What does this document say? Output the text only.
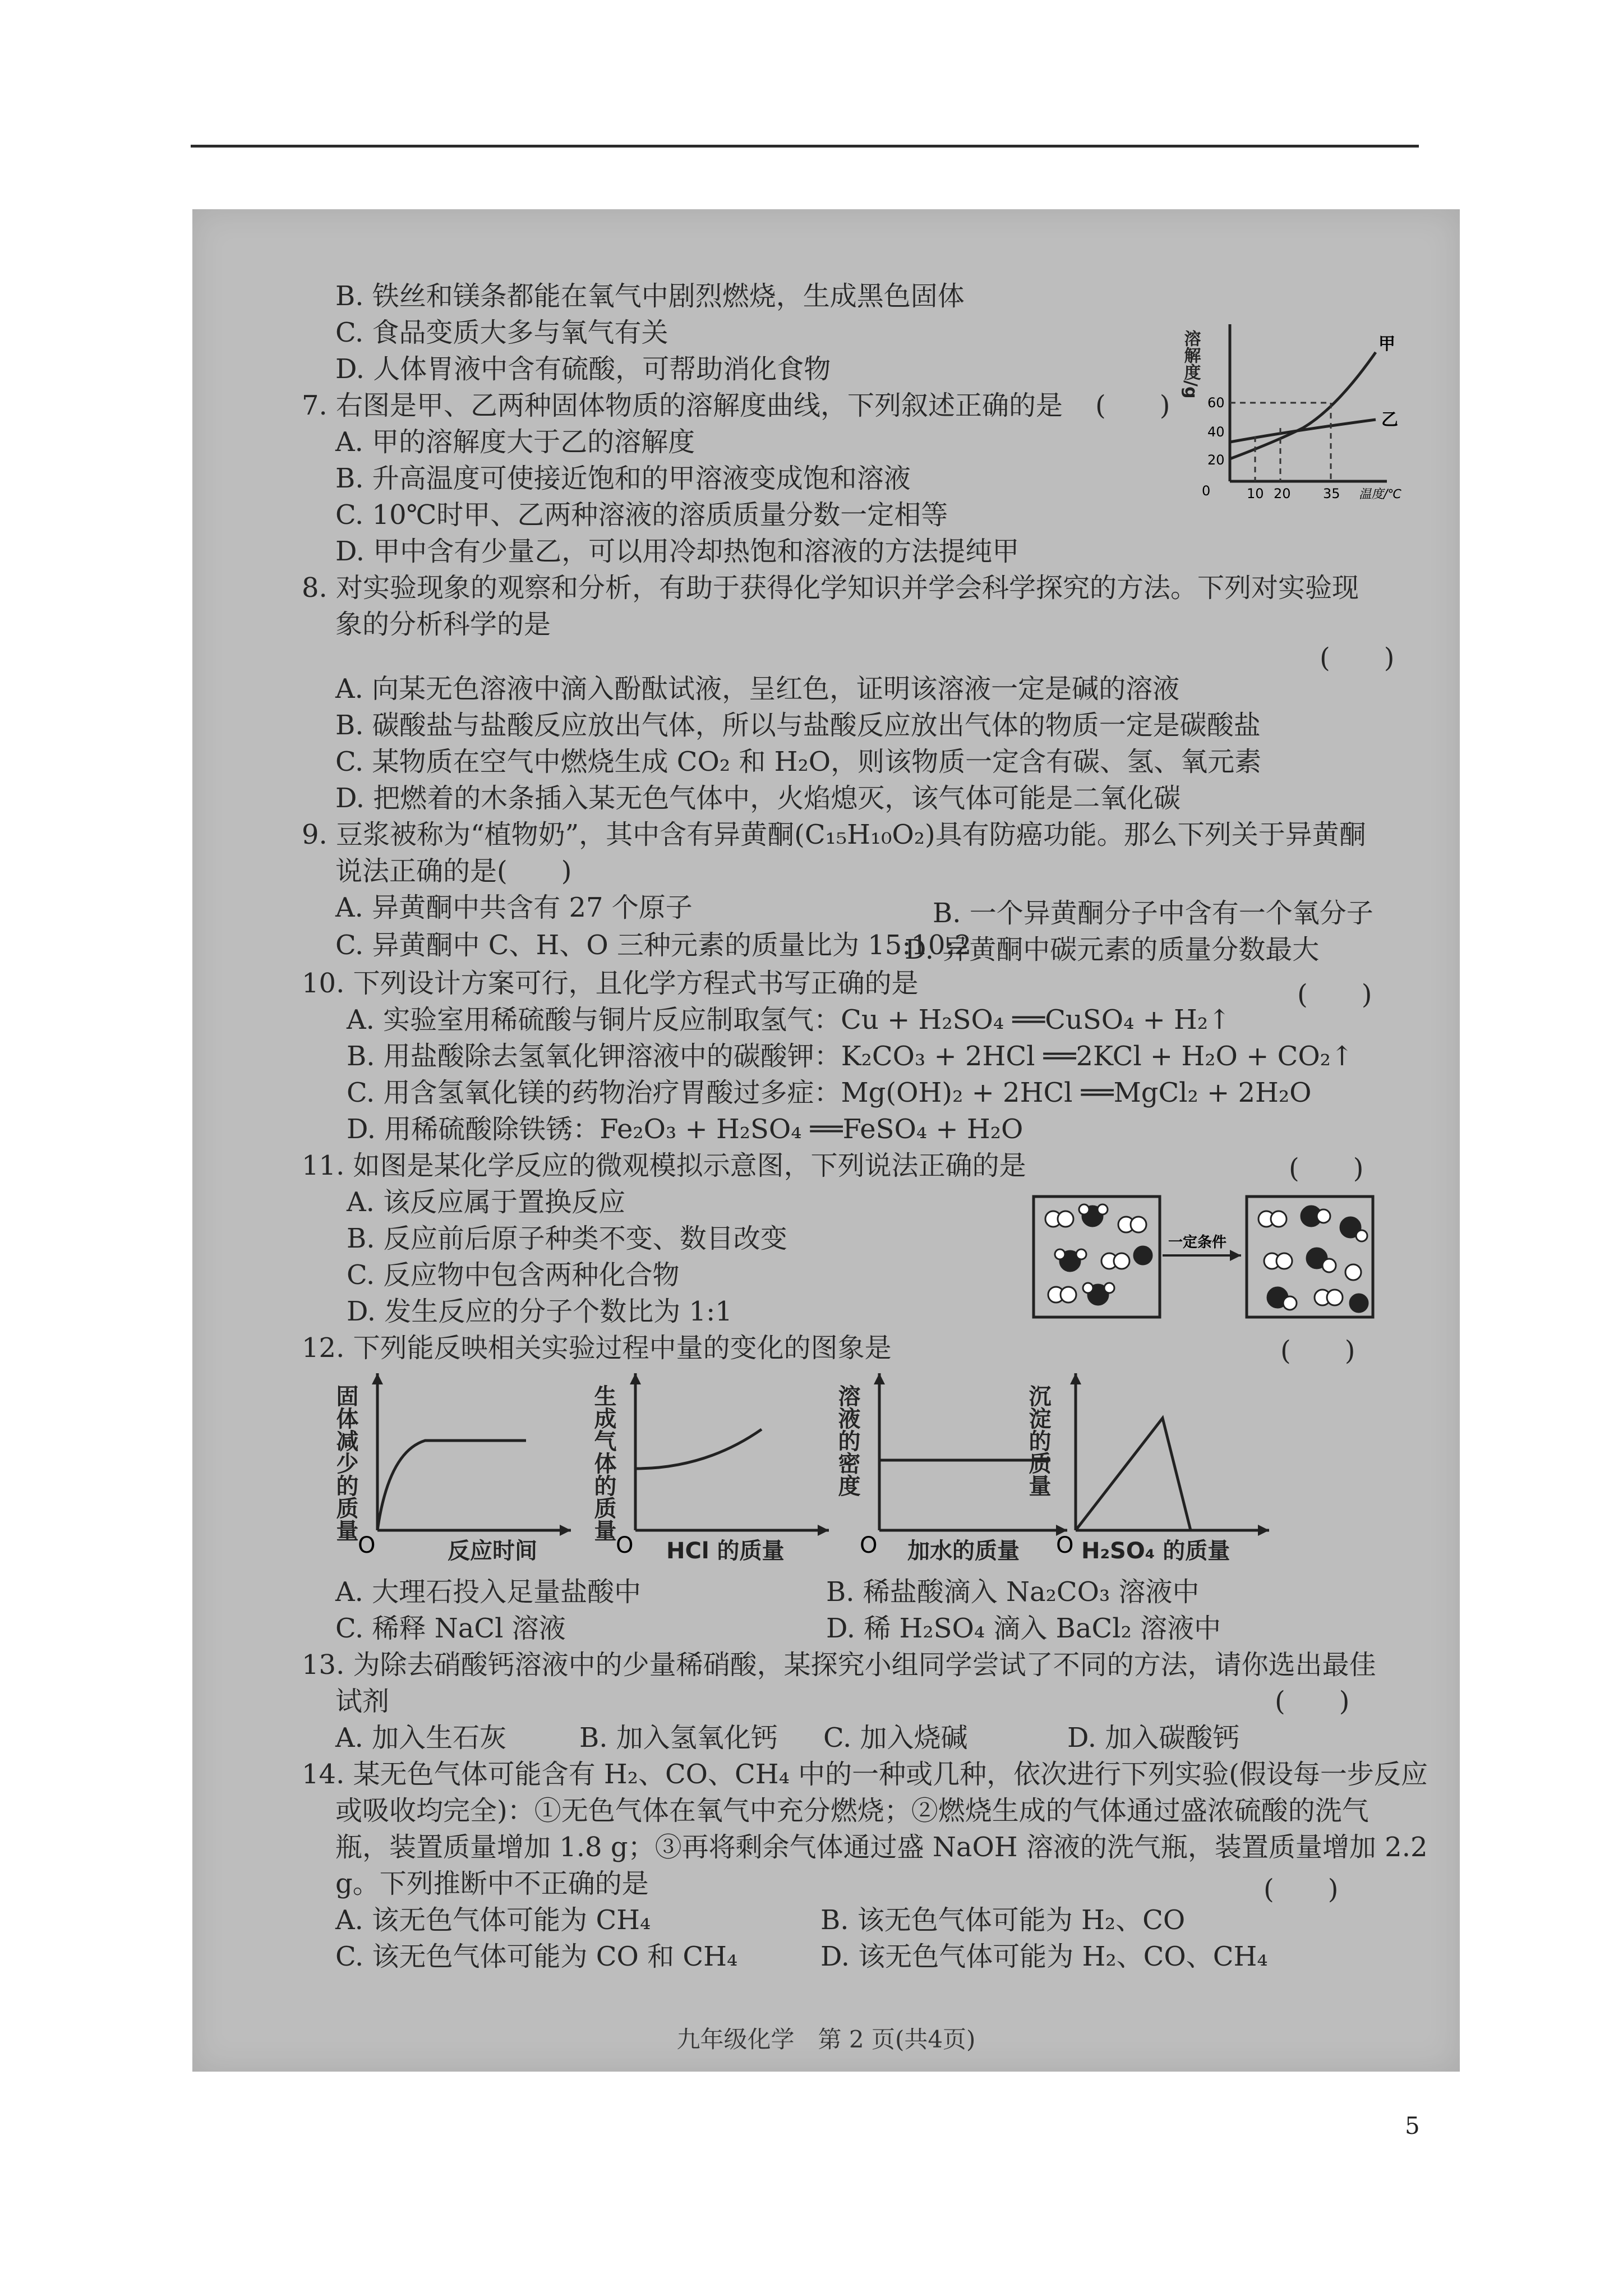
B. 铁丝和镁条都能在氧气中剧烈燃烧，生成黑色固体
C. 食品变质大多与氧气有关
D. 人体胃液中含有硫酸，可帮助消化食物
7. 右图是甲、乙两种固体物质的溶解度曲线，下列叙述正确的是 (　　)
A. 甲的溶解度大于乙的溶解度
B. 升高温度可使接近饱和的甲溶液变成饱和溶液
C. 10℃时甲、乙两种溶液的溶质质量分数一定相等
D. 甲中含有少量乙，可以用冷却热饱和溶液的方法提纯甲
8. 对实验现象的观察和分析，有助于获得化学知识并学会科学探究的方法。下列对实验现
象的分析科学的是
(　　)
A. 向某无色溶液中滴入酚酞试液，呈红色，证明该溶液一定是碱的溶液
B. 碳酸盐与盐酸反应放出气体，所以与盐酸反应放出气体的物质一定是碳酸盐
C. 某物质在空气中燃烧生成 CO₂ 和 H₂O，则该物质一定含有碳、氢、氧元素
D. 把燃着的木条插入某无色气体中，火焰熄灭，该气体可能是二氧化碳
9. 豆浆被称为“植物奶”，其中含有异黄酮(C₁₅H₁₀O₂)具有防癌功能。那么下列关于异黄酮
说法正确的是(　　)
A. 异黄酮中共含有 27 个原子	B. 一个异黄酮分子中含有一个氧分子
C. 异黄酮中 C、H、O 三种元素的质量比为 15:10:2
D. 异黄酮中碳元素的质量分数最大
10. 下列设计方案可行，且化学方程式书写正确的是	(　　)
A. 实验室用稀硫酸与铜片反应制取氢气：Cu + H₂SO₄ ══CuSO₄ + H₂↑
B. 用盐酸除去氢氧化钾溶液中的碳酸钾：K₂CO₃ + 2HCl ══2KCl + H₂O + CO₂↑
C. 用含氢氧化镁的药物治疗胃酸过多症：Mg(OH)₂ + 2HCl ══MgCl₂ + 2H₂O
D. 用稀硫酸除铁锈：Fe₂O₃ + H₂SO₄ ══FeSO₄ + H₂O
11. 如图是某化学反应的微观模拟示意图，下列说法正确的是	(　　)
A. 该反应属于置换反应
B. 反应前后原子种类不变、数目改变
C. 反应物中包含两种化合物
D. 发生反应的分子个数比为 1:1
12. 下列能反映相关实验过程中量的变化的图象是	(　　)
A. 大理石投入足量盐酸中	B. 稀盐酸滴入 Na₂CO₃ 溶液中
C. 稀释 NaCl 溶液	D. 稀 H₂SO₄ 滴入 BaCl₂ 溶液中
13. 为除去硝酸钙溶液中的少量稀硝酸，某探究小组同学尝试了不同的方法，请你选出最佳
试剂	(　　)
A. 加入生石灰	B. 加入氢氧化钙 C. 加入烧碱	D. 加入碳酸钙
14. 某无色气体可能含有 H₂、CO、CH₄ 中的一种或几种，依次进行下列实验(假设每一步反应
或吸收均完全)：①无色气体在氧气中充分燃烧；②燃烧生成的气体通过盛浓硫酸的洗气
瓶，装置质量增加 1.8 g；③再将剩余气体通过盛 NaOH 溶液的洗气瓶，装置质量增加 2.2
g。下列推断中不正确的是	(　　)
A. 该无色气体可能为 CH₄	B. 该无色气体可能为 H₂、CO
C. 该无色气体可能为 CO 和 CH₄	D. 该无色气体可能为 H₂、CO、CH₄
溶解度/g	甲
乙
20
40
60
0	10 20 35 温度/℃
一定条件
固体减少的质量
O	反应时间
生成气体的质量
O HCl 的质量
溶液的密度
O 加水的质量
沉淀的质量
O H₂SO₄ 的质量
九年级化学　第 2 页(共4页)
5
